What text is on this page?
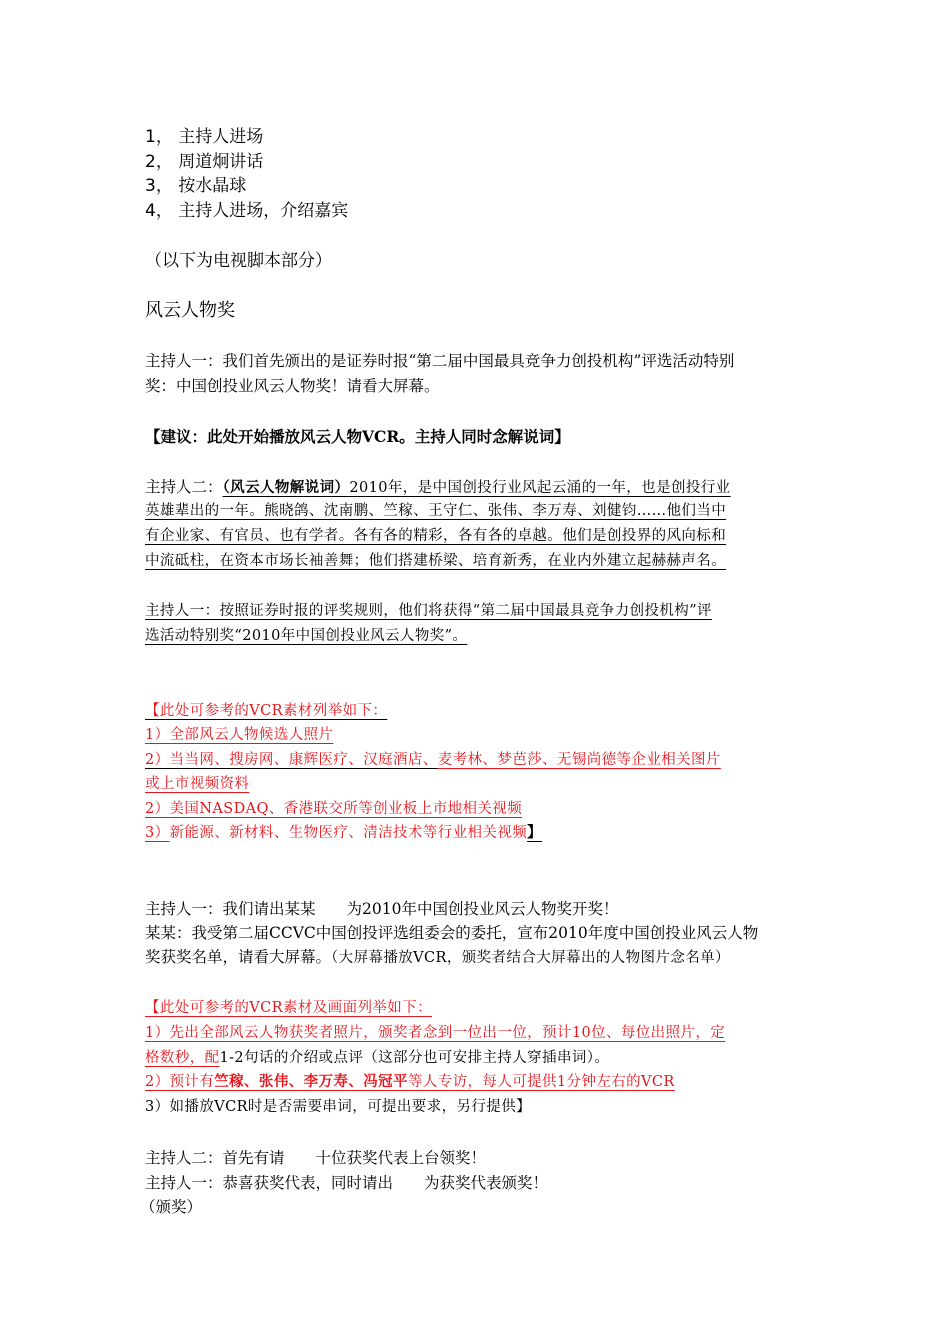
1， 主持人进场
2， 周道炯讲话
3， 按水晶球
4， 主持人进场，介绍嘉宾
（以下为电视脚本部分）
风云人物奖
主持人一：我们首先颁出的是证券时报“第二届中国最具竞争力创投机构”评选活动特别
奖：中国创投业风云人物奖！请看大屏幕。
【建议：此处开始播放风云人物VCR。主持人同时念解说词】
主持人二：（风云人物解说词）2010年，是中国创投行业风起云涌的一年，也是创投行业
英雄辈出的一年。熊晓鸽、沈南鹏、竺稼、王守仁、张伟、李万寿、刘健钧……他们当中
有企业家、有官员、也有学者。各有各的精彩，各有各的卓越。他们是创投界的风向标和
中流砥柱，在资本市场长袖善舞；他们搭建桥梁、培育新秀，在业内外建立起赫赫声名。
主持人一：按照证券时报的评奖规则，他们将获得“第二届中国最具竞争力创投机构”评
选活动特别奖“2010年中国创投业风云人物奖”。
【此处可参考的VCR素材列举如下：
1）全部风云人物候选人照片
2）当当网、搜房网、康辉医疗、汉庭酒店、麦考林、梦芭莎、无锡尚德等企业相关图片
或上市视频资料
2）美国NASDAQ、香港联交所等创业板上市地相关视频
3）新能源、新材料、生物医疗、清洁技术等行业相关视频】
主持人一：我们请出某某　　为2010年中国创投业风云人物奖开奖！
某某：我受第二届CCVC中国创投评选组委会的委托，宣布2010年度中国创投业风云人物
奖获奖名单，请看大屏幕。（大屏幕播放VCR，颁奖者结合大屏幕出的人物图片念名单）
【此处可参考的VCR素材及画面列举如下：
1）先出全部风云人物获奖者照片，颁奖者念到一位出一位，预计10位、每位出照片，定
格数秒，配1-2句话的介绍或点评（这部分也可安排主持人穿插串词）。
2）预计有竺稼、张伟、李万寿、冯冠平等人专访，每人可提供1分钟左右的VCR
3）如播放VCR时是否需要串词，可提出要求，另行提供】
主持人二：首先有请　　十位获奖代表上台领奖！
主持人一：恭喜获奖代表，同时请出　　为获奖代表颁奖！
（颁奖）
